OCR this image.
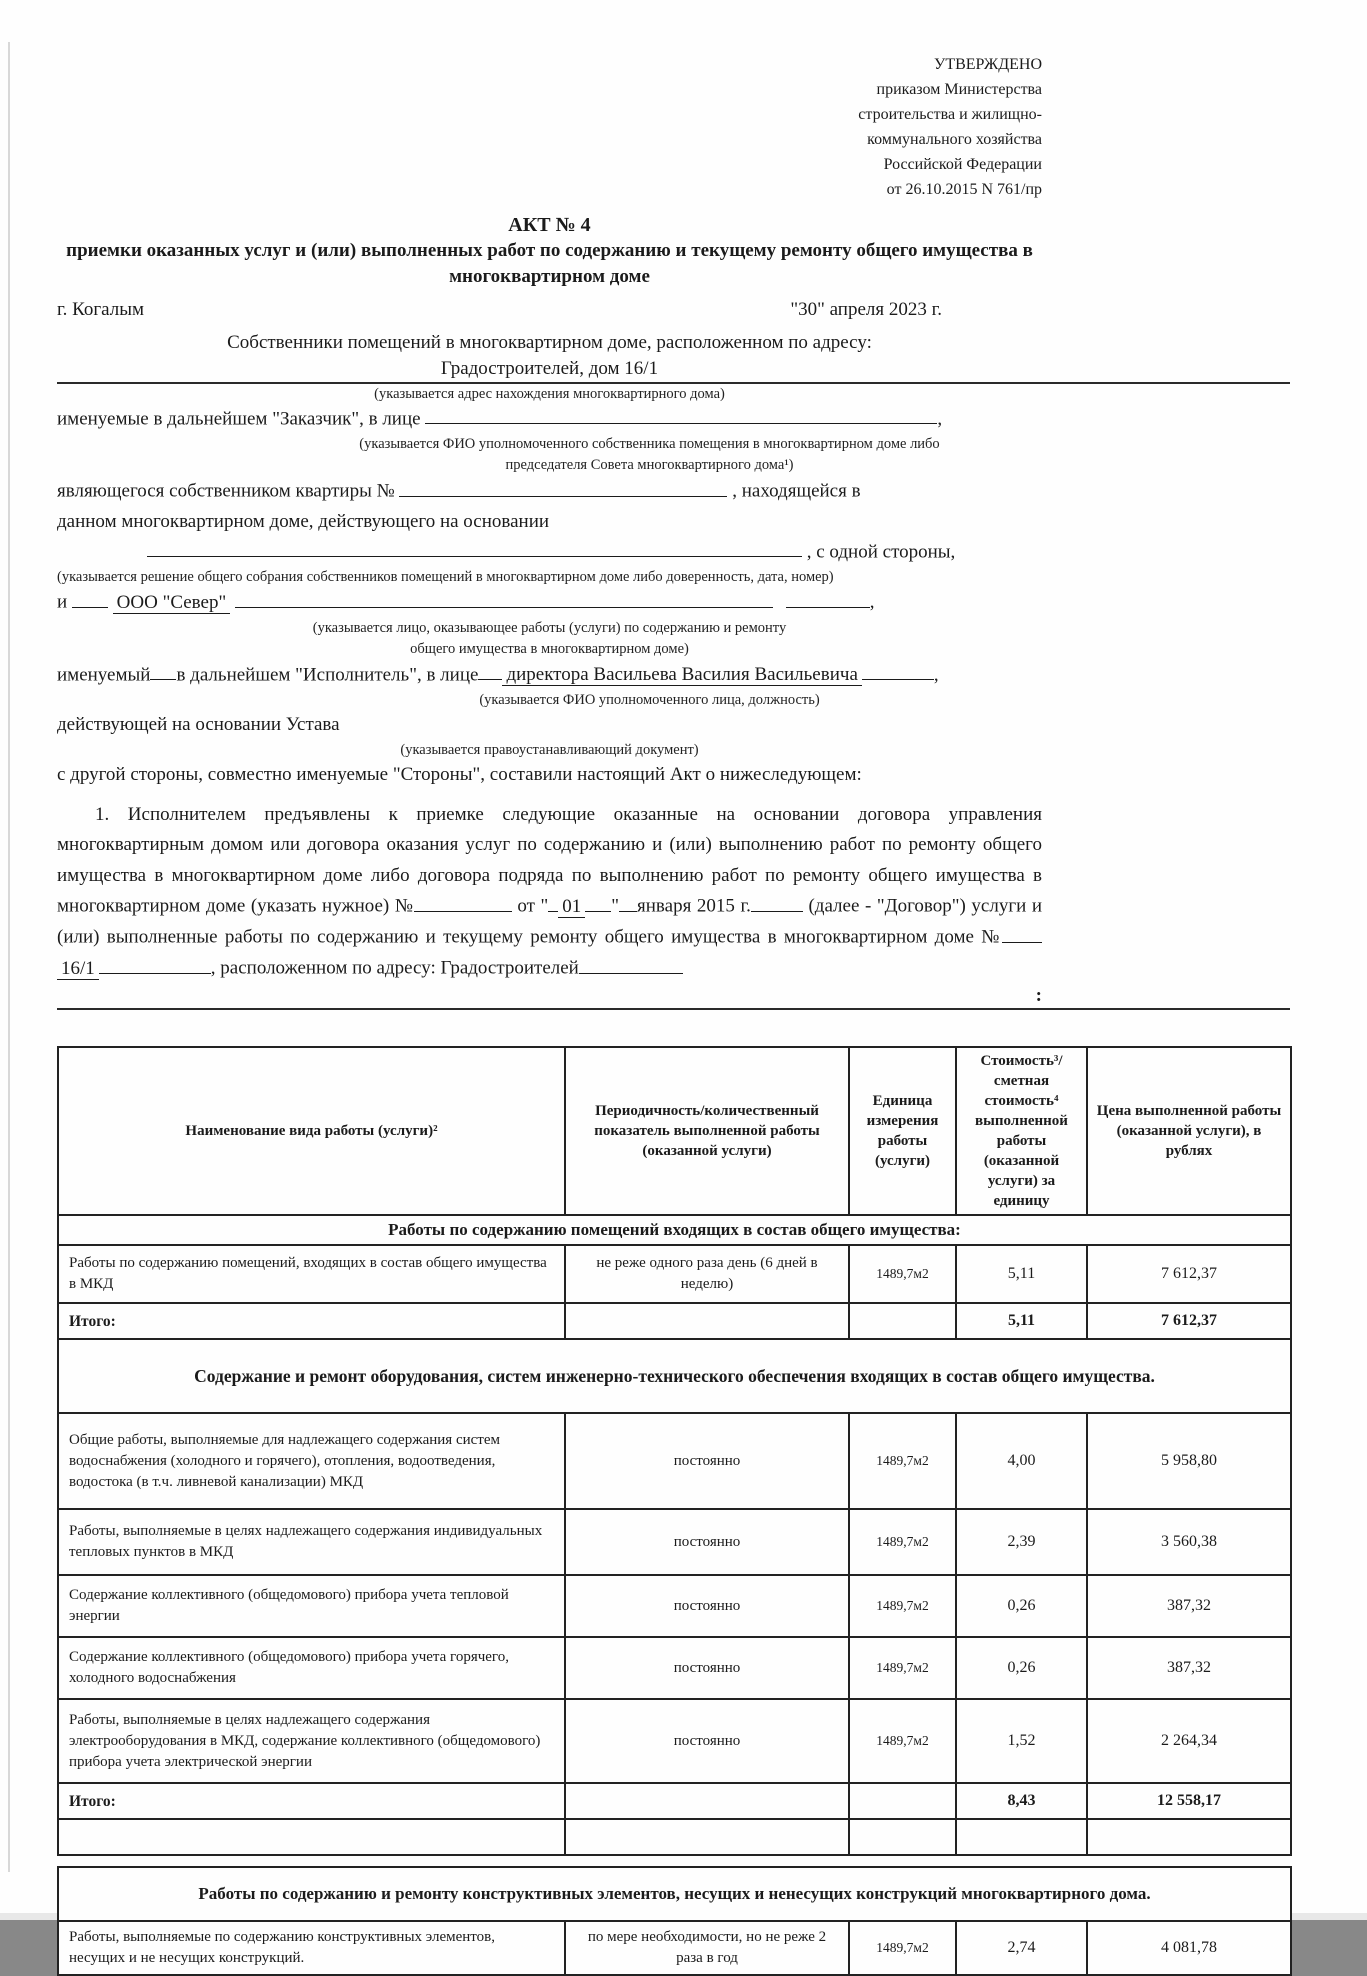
УТВЕРЖДЕНО
приказом Министерства
строительства и жилищно-
коммунального хозяйства
Российской Федерации
от 26.10.2015 N 761/пр
АКТ № 4
приемки оказанных услуг и (или) выполненных работ по содержанию и текущему ремонту общего имущества в многоквартирном доме
г. Когалым	"30" апреля 2023 г.
Собственники помещений в многоквартирном доме, расположенном по адресу:
Градостроителей, дом 16/1
(указывается адрес нахождения многоквартирного дома)
именуемые в дальнейшем "Заказчик", в лице	,
(указывается ФИО уполномоченного собственника помещения в многоквартирном доме либо
председателя Совета многоквартирного дома¹)
являющегося собственником квартиры №	, находящейся в
данном многоквартирном доме, действующего на основании
, с одной стороны,
(указывается решение общего собрания собственников помещений в многоквартирном доме либо доверенность, дата, номер)
и	ООО "Север"	,
(указывается лицо, оказывающее работы (услуги) по содержанию и ремонту
общего имущества в многоквартирном доме)
именуемый в дальнейшем "Исполнитель", в лице директора Васильева Василия Васильевича	,
(указывается ФИО уполномоченного лица, должность)
действующей на основании Устава
(указывается правоустанавливающий документ)
с другой стороны, совместно именуемые "Стороны", составили настоящий Акт о нижеследующем:

1. Исполнителем предъявлены к приемке следующие оказанные на основании договора управления многоквартирным домом или договора оказания услуг по содержанию и (или) выполнению работ по ремонту общего имущества в многоквартирном доме либо договора подряда по выполнению работ по ремонту общего имущества в многоквартирном доме (указать нужное) №	от " 01 " января 2015 г.	(далее - "Договор") услуги и (или) выполненные работы по содержанию и текущему ремонту общего имущества в многоквартирном доме №16/1	, расположенном по адресу: Градостроителей

:
Наименование вида работы (услуги)²	Периодичность/количественный показатель выполненной работы (оказанной услуги)	Единица измерения работы (услуги)	Стоимость³/сметная стоимость⁴ выполненной работы (оказанной услуги) за единицу	Цена выполненной работы (оказанной услуги), в рублях
Работы по содержанию помещений входящих в состав общего имущества:				
Работы по содержанию помещений, входящих в состав общего имущества в МКД	не реже одного раза день (6 дней в неделю)	1489,7м2	5,11	7 612,37
Итого:			5,11	7 612,37
Содержание и ремонт оборудования, систем инженерно-технического обеспечения входящих в состав общего имущества.				
Общие работы, выполняемые для надлежащего содержания систем водоснабжения (холодного и горячего), отопления, водоотведения, водостока (в т.ч. ливневой канализации) МКД	постоянно	1489,7м2	4,00	5 958,80
Работы, выполняемые в целях надлежащего содержания индивидуальных тепловых пунктов в МКД	постоянно	1489,7м2	2,39	3 560,38
Содержание коллективного (общедомового) прибора учета тепловой энергии	постоянно	1489,7м2	0,26	387,32
Содержание коллективного (общедомового) прибора учета горячего, холодного водоснабжения	постоянно	1489,7м2	0,26	387,32
Работы, выполняемые в целях надлежащего содержания электрооборудования в МКД, содержание коллективного (общедомового) прибора учета электрической энергии	постоянно	1489,7м2	1,52	2 264,34
Итого:			8,43	12 558,17

Работы по содержанию и ремонту конструктивных элементов, несущих и ненесущих конструкций многоквартирного дома.
Работы, выполняемые по содержанию конструктивных элементов, несущих и не несущих конструкций.	по мере необходимости, но не реже 2 раза в год	1489,7м2	2,74	4 081,78
